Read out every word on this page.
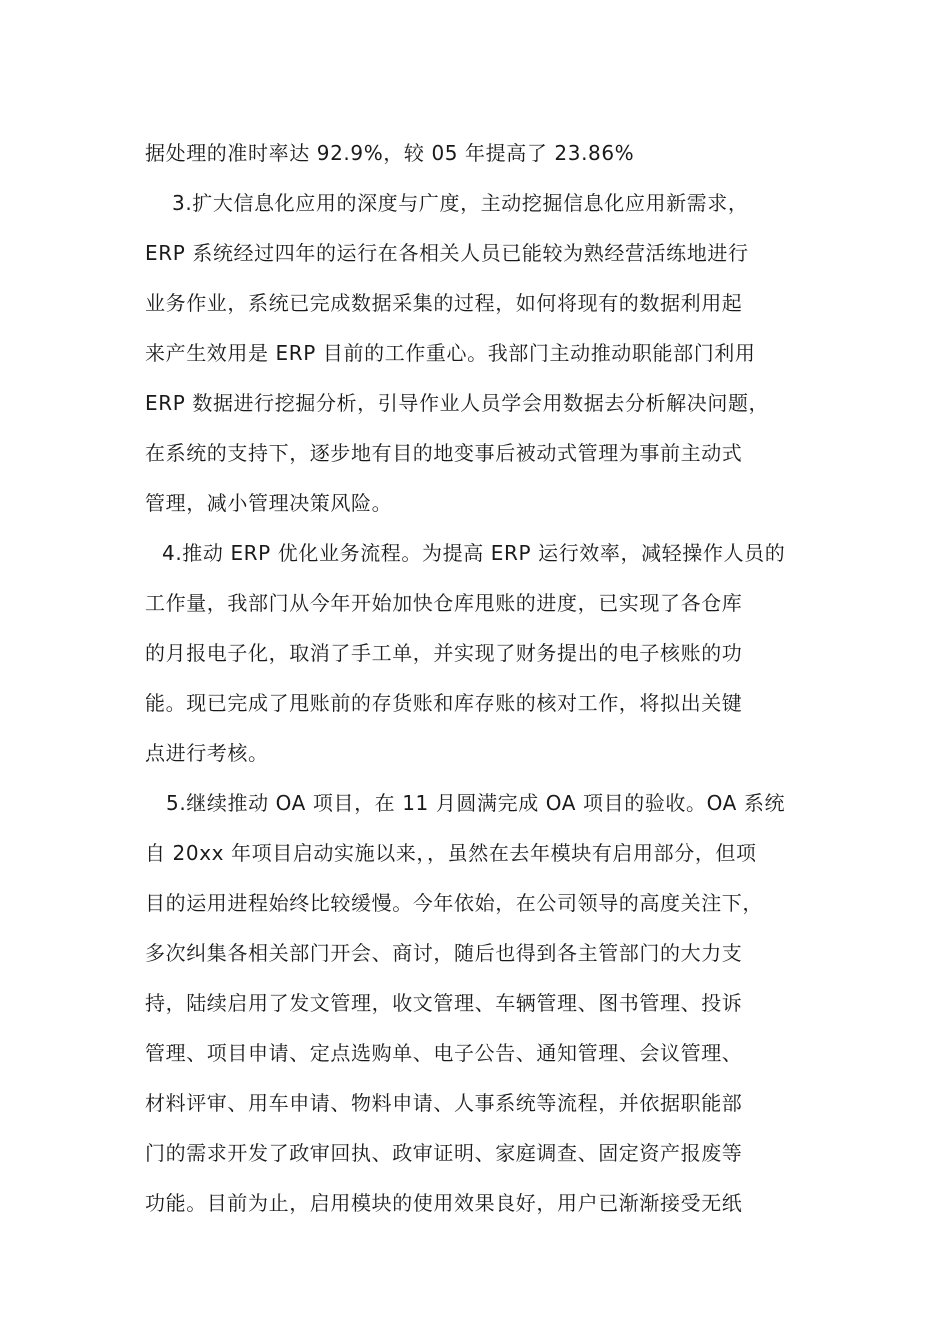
据处理的准时率达 92.9%，较 05 年提高了 23.86%
3.扩大信息化应用的深度与广度，主动挖掘信息化应用新需求，
ERP 系统经过四年的运行在各相关人员已能较为熟经营活练地进行
业务作业，系统已完成数据采集的过程，如何将现有的数据利用起
来产生效用是 ERP 目前的工作重心。我部门主动推动职能部门利用
ERP 数据进行挖掘分析，引导作业人员学会用数据去分析解决问题，
在系统的支持下，逐步地有目的地变事后被动式管理为事前主动式
管理，减小管理决策风险。
4.推动 ERP 优化业务流程。为提高 ERP 运行效率，减轻操作人员的
工作量，我部门从今年开始加快仓库甩账的进度，已实现了各仓库
的月报电子化，取消了手工单，并实现了财务提出的电子核账的功
能。现已完成了甩账前的存货账和库存账的核对工作，将拟出关键
点进行考核。
5.继续推动 OA 项目，在 11 月圆满完成 OA 项目的验收。OA 系统
自 20xx 年项目启动实施以来，，虽然在去年模块有启用部分，但项
目的运用进程始终比较缓慢。今年依始，在公司领导的高度关注下，
多次纠集各相关部门开会、商讨，随后也得到各主管部门的大力支
持，陆续启用了发文管理，收文管理、车辆管理、图书管理、投诉
管理、项目申请、定点选购单、电子公告、通知管理、会议管理、
材料评审、用车申请、物料申请、人事系统等流程，并依据职能部
门的需求开发了政审回执、政审证明、家庭调查、固定资产报废等
功能。目前为止，启用模块的使用效果良好，用户已渐渐接受无纸
